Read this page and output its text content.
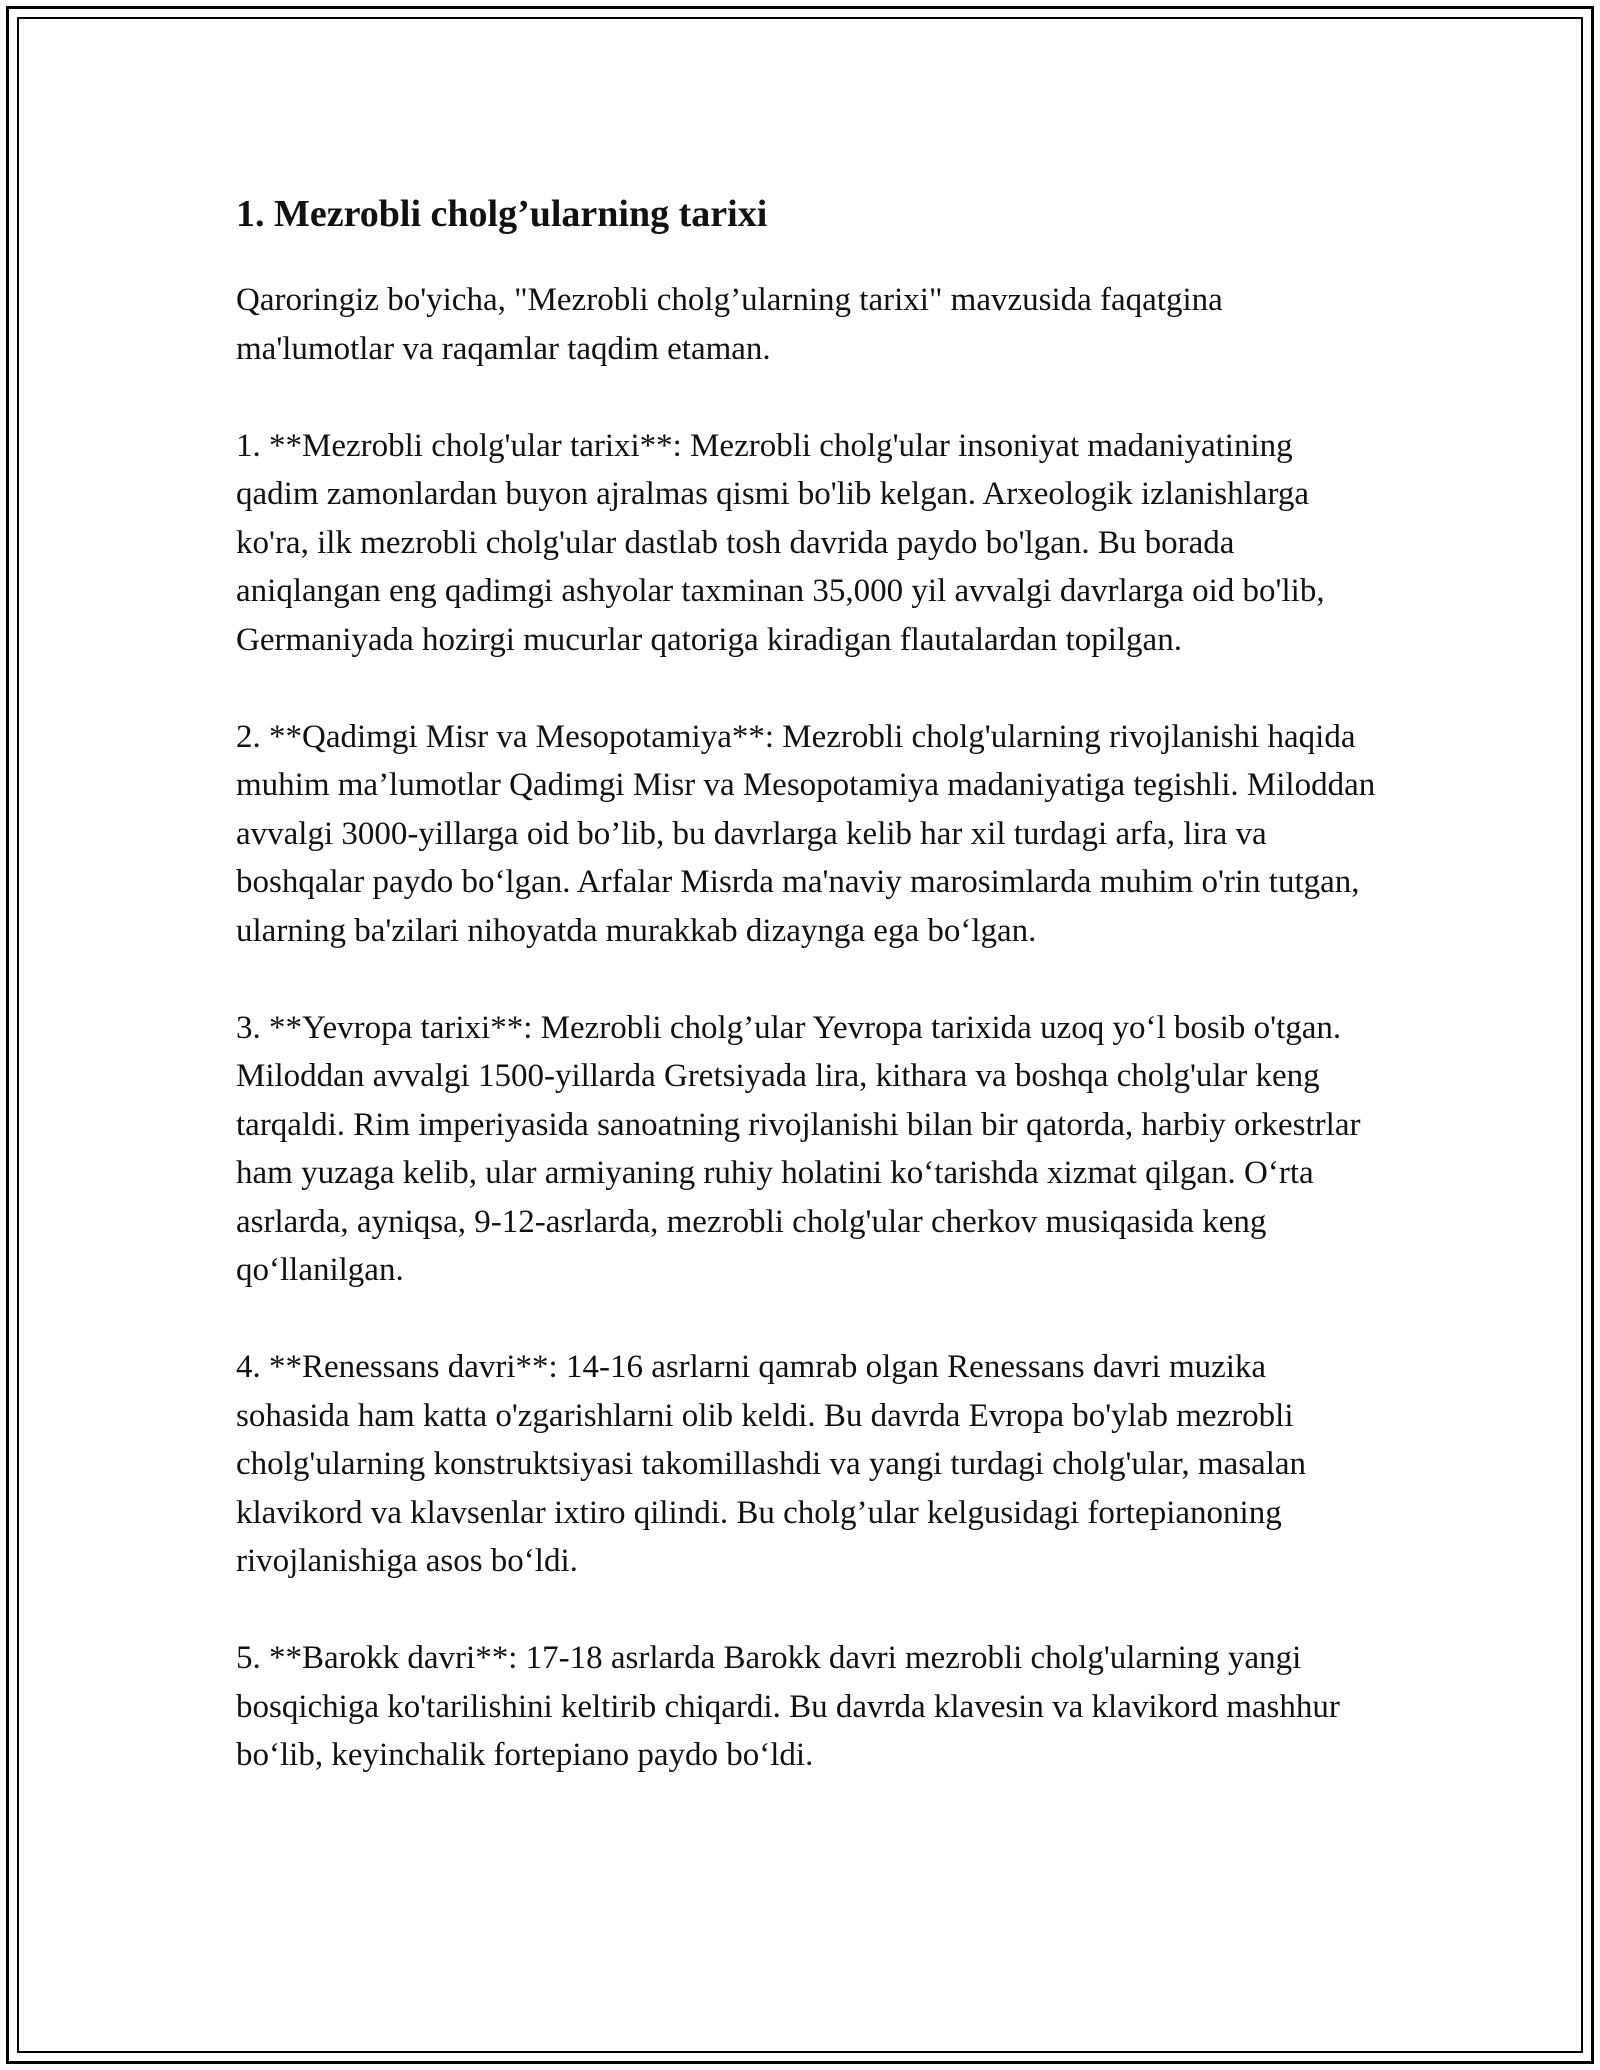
1. Mezrobli cholg’ularning tarixi

Qaroringiz bo'yicha, "Mezrobli cholg’ularning tarixi" mavzusida faqatgina ma'lumotlar va raqamlar taqdim etaman.

1. **Mezrobli cholg'ular tarixi**: Mezrobli cholg'ular insoniyat madaniyatining qadim zamonlardan buyon ajralmas qismi bo'lib kelgan. Arxeologik izlanishlarga ko'ra, ilk mezrobli cholg'ular dastlab tosh davrida paydo bo'lgan. Bu borada aniqlangan eng qadimgi ashyolar taxminan 35,000 yil avvalgi davrlarga oid bo'lib, Germaniyada hozirgi mucurlar qatoriga kiradigan flautalardan topilgan.

2. **Qadimgi Misr va Mesopotamiya**: Mezrobli cholg'ularning rivojlanishi haqida muhim ma’lumotlar Qadimgi Misr va Mesopotamiya madaniyatiga tegishli. Miloddan avvalgi 3000-yillarga oid bo’lib, bu davrlarga kelib har xil turdagi arfa, lira va boshqalar paydo bo‘lgan. Arfalar Misrda ma'naviy marosimlarda muhim o'rin tutgan, ularning ba'zilari nihoyatda murakkab dizaynga ega bo‘lgan.

3. **Yevropa tarixi**: Mezrobli cholg’ular Yevropa tarixida uzoq yo‘l bosib o'tgan. Miloddan avvalgi 1500-yillarda Gretsiyada lira, kithara va boshqa cholg'ular keng tarqaldi. Rim imperiyasida sanoatning rivojlanishi bilan bir qatorda, harbiy orkestrlar ham yuzaga kelib, ular armiyaning ruhiy holatini ko‘tarishda xizmat qilgan. O‘rta asrlarda, ayniqsa, 9-12-asrlarda, mezrobli cholg'ular cherkov musiqasida keng qo‘llanilgan.

4. **Renessans davri**: 14-16 asrlarni qamrab olgan Renessans davri muzika sohasida ham katta o'zgarishlarni olib keldi. Bu davrda Evropa bo'ylab mezrobli cholg'ularning konstruktsiyasi takomillashdi va yangi turdagi cholg'ular, masalan klavikord va klavsenlar ixtiro qilindi. Bu cholg’ular kelgusidagi fortepianoning rivojlanishiga asos bo‘ldi.

5. **Barokk davri**: 17-18 asrlarda Barokk davri mezrobli cholg'ularning yangi bosqichiga ko'tarilishini keltirib chiqardi. Bu davrda klavesin va klavikord mashhur bo‘lib, keyinchalik fortepiano paydo bo‘ldi.
